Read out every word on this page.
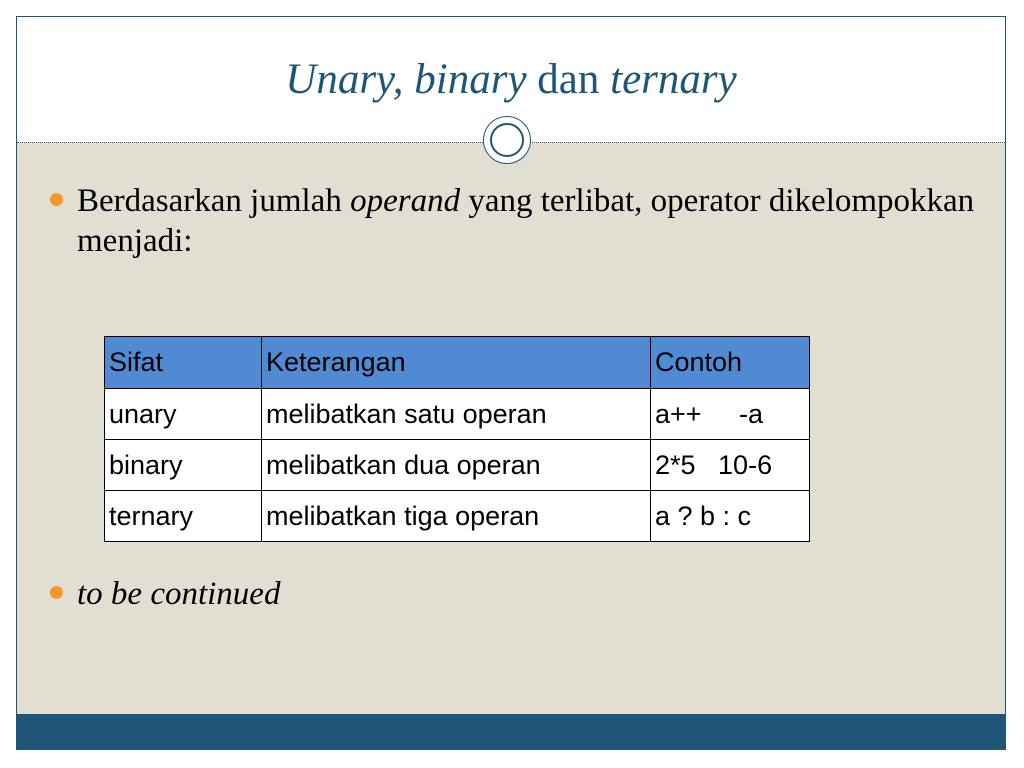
Unary, binary dan ternary
Berdasarkan jumlah operand yang terlibat, operator dikelompokkan menjadi:
Sifat	Keterangan	Contoh
unary	melibatkan satu operan	a++     -a
binary	melibatkan dua operan	2*5   10-6
ternary	melibatkan tiga operan	a ? b : c
to be continued
